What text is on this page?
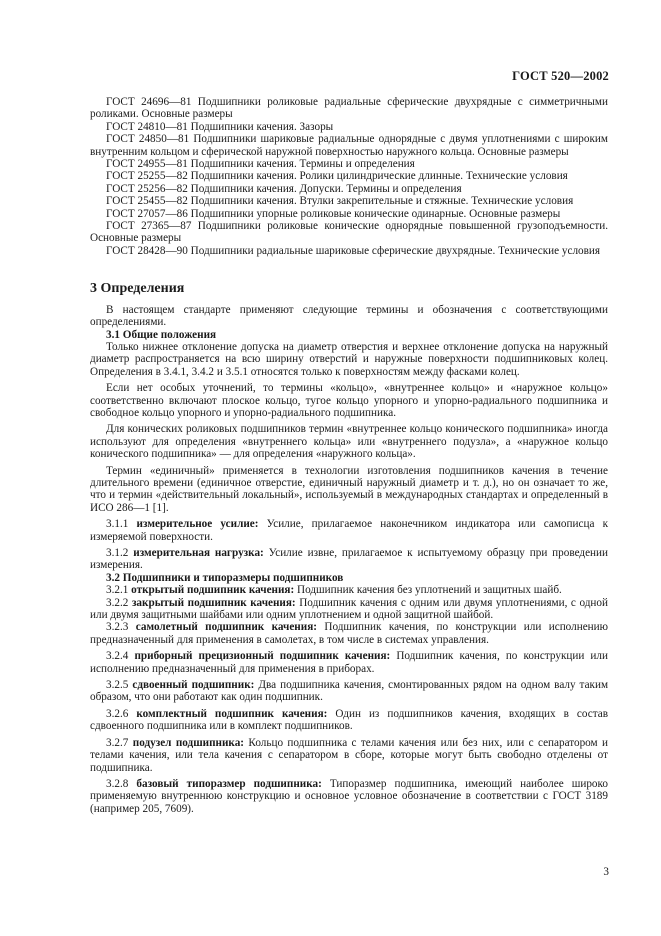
ГОСТ 520—2002
ГОСТ 24696—81 Подшипники роликовые радиальные сферические двухрядные с симметричными роликами. Основные размеры
ГОСТ 24810—81 Подшипники качения. Зазоры
ГОСТ 24850—81 Подшипники шариковые радиальные однорядные с двумя уплотнениями с широким внутренним кольцом и сферической наружной поверхностью наружного кольца. Основные размеры
ГОСТ 24955—81 Подшипники качения. Термины и определения
ГОСТ 25255—82 Подшипники качения. Ролики цилиндрические длинные. Технические условия
ГОСТ 25256—82 Подшипники качения. Допуски. Термины и определения
ГОСТ 25455—82 Подшипники качения. Втулки закрепительные и стяжные. Технические условия
ГОСТ 27057—86 Подшипники упорные роликовые конические одинарные. Основные размеры
ГОСТ 27365—87 Подшипники роликовые конические однорядные повышенной грузоподъемности. Основные размеры
ГОСТ 28428—90 Подшипники радиальные шариковые сферические двухрядные. Технические условия
3 Определения
В настоящем стандарте применяют следующие термины и обозначения с соответствующими определениями.
3.1 Общие положения
Только нижнее отклонение допуска на диаметр отверстия и верхнее отклонение допуска на наружный диаметр распространяется на всю ширину отверстий и наружные поверхности подшипниковых колец. Определения в 3.4.1, 3.4.2 и 3.5.1 относятся только к поверхностям между фасками колец.
Если нет особых уточнений, то термины «кольцо», «внутреннее кольцо» и «наружное кольцо» соответственно включают плоское кольцо, тугое кольцо упорного и упорно-радиального подшипника и свободное кольцо упорного и упорно-радиального подшипника.
Для конических роликовых подшипников термин «внутреннее кольцо конического подшипника» иногда используют для определения «внутреннего кольца» или «внутреннего подузла», а «наружное кольцо конического подшипника» — для определения «наружного кольца».
Термин «единичный» применяется в технологии изготовления подшипников качения в течение длительного времени (единичное отверстие, единичный наружный диаметр и т. д.), но он означает то же, что и термин «действительный локальный», используемый в международных стандартах и определенный в ИСО 286—1 [1].
3.1.1 измерительное усилие: Усилие, прилагаемое наконечником индикатора или самописца к измеряемой поверхности.
3.1.2 измерительная нагрузка: Усилие извне, прилагаемое к испытуемому образцу при проведении измерения.
3.2 Подшипники и типоразмеры подшипников
3.2.1 открытый подшипник качения: Подшипник качения без уплотнений и защитных шайб.
3.2.2 закрытый подшипник качения: Подшипник качения с одним или двумя уплотнениями, с одной или двумя защитными шайбами или одним уплотнением и одной защитной шайбой.
3.2.3 самолетный подшипник качения: Подшипник качения, по конструкции или исполнению предназначенный для применения в самолетах, в том числе в системах управления.
3.2.4 приборный прецизионный подшипник качения: Подшипник качения, по конструкции или исполнению предназначенный для применения в приборах.
3.2.5 сдвоенный подшипник: Два подшипника качения, смонтированных рядом на одном валу таким образом, что они работают как один подшипник.
3.2.6 комплектный подшипник качения: Один из подшипников качения, входящих в состав сдвоенного подшипника или в комплект подшипников.
3.2.7 подузел подшипника: Кольцо подшипника с телами качения или без них, или с сепаратором и телами качения, или тела качения с сепаратором в сборе, которые могут быть свободно отделены от подшипника.
3.2.8 базовый типоразмер подшипника: Типоразмер подшипника, имеющий наиболее широко применяемую внутреннюю конструкцию и основное условное обозначение в соответствии с ГОСТ 3189 (например 205, 7609).
3
